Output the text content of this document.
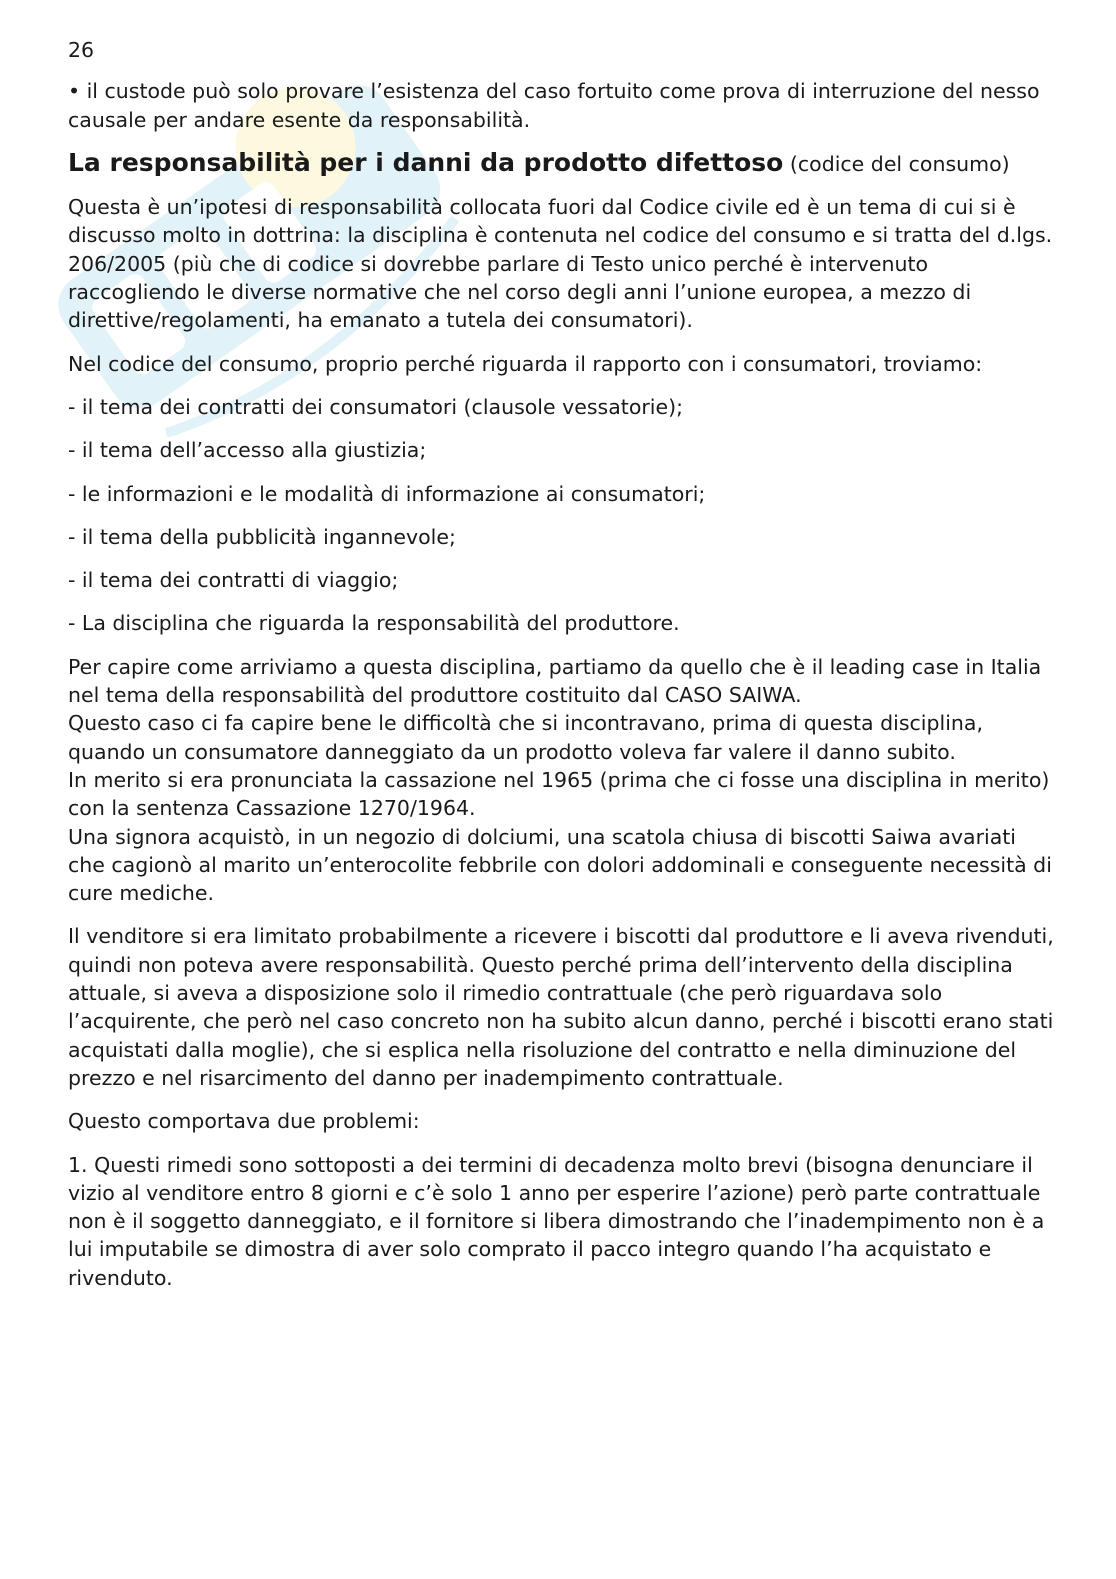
26

• il custode può solo provare l’esistenza del caso fortuito come prova di interruzione del nesso causale per andare esente da responsabilità.

La responsabilità per i danni da prodotto difettoso (codice del consumo)

Questa è un’ipotesi di responsabilità collocata fuori dal Codice civile ed è un tema di cui si è discusso molto in dottrina: la disciplina è contenuta nel codice del consumo e si tratta del d.lgs. 206/2005 (più che di codice si dovrebbe parlare di Testo unico perché è intervenuto raccogliendo le diverse normative che nel corso degli anni l’unione europea, a mezzo di direttive/regolamenti, ha emanato a tutela dei consumatori).

Nel codice del consumo, proprio perché riguarda il rapporto con i consumatori, troviamo:

- il tema dei contratti dei consumatori (clausole vessatorie);

- il tema dell’accesso alla giustizia;

- le informazioni e le modalità di informazione ai consumatori;

- il tema della pubblicità ingannevole;

- il tema dei contratti di viaggio;

- La disciplina che riguarda la responsabilità del produttore.

Per capire come arriviamo a questa disciplina, partiamo da quello che è il leading case in Italia nel tema della responsabilità del produttore costituito dal CASO SAIWA.
Questo caso ci fa capire bene le difficoltà che si incontravano, prima di questa disciplina, quando un consumatore danneggiato da un prodotto voleva far valere il danno subito.
In merito si era pronunciata la cassazione nel 1965 (prima che ci fosse una disciplina in merito) con la sentenza Cassazione 1270/1964.
Una signora acquistò, in un negozio di dolciumi, una scatola chiusa di biscotti Saiwa avariati che cagionò al marito un’enterocolite febbrile con dolori addominali e conseguente necessità di cure mediche.

Il venditore si era limitato probabilmente a ricevere i biscotti dal produttore e li aveva rivenduti, quindi non poteva avere responsabilità. Questo perché prima dell’intervento della disciplina attuale, si aveva a disposizione solo il rimedio contrattuale (che però riguardava solo l’acquirente, che però nel caso concreto non ha subito alcun danno, perché i biscotti erano stati acquistati dalla moglie), che si esplica nella risoluzione del contratto e nella diminuzione del prezzo e nel risarcimento del danno per inadempimento contrattuale.

Questo comportava due problemi:

1. Questi rimedi sono sottoposti a dei termini di decadenza molto brevi (bisogna denunciare il vizio al venditore entro 8 giorni e c’è solo 1 anno per esperire l’azione) però parte contrattuale non è il soggetto danneggiato, e il fornitore si libera dimostrando che l’inadempimento non è a lui imputabile se dimostra di aver solo comprato il pacco integro quando l’ha acquistato e rivenduto.
